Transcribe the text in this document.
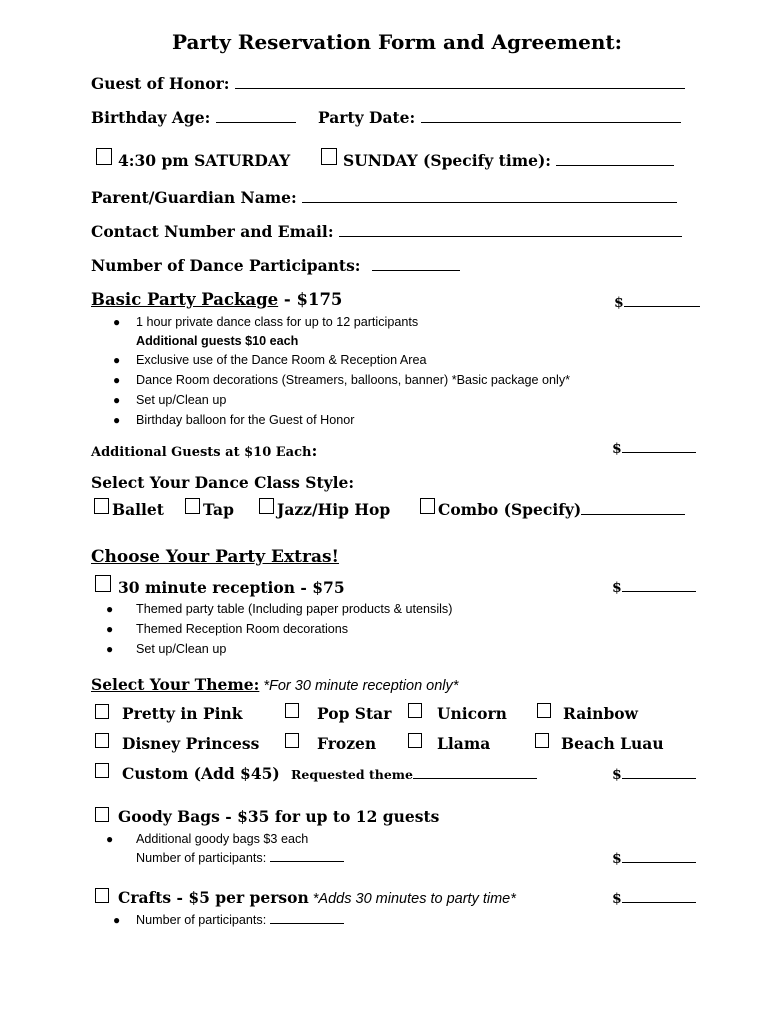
Party Reservation Form and Agreement:
Guest of Honor:
Birthday Age:	Party Date:
4:30 pm SATURDAY	SUNDAY (Specify time):
Parent/Guardian Name:
Contact Number and Email:
Number of Dance Participants:
Basic Party Package - $175	$
● 1 hour private dance class for up to 12 participants
Additional guests $10 each
● Exclusive use of the Dance Room & Reception Area
● Dance Room decorations (Streamers, balloons, banner) *Basic package only*
● Set up/Clean up
● Birthday balloon for the Guest of Honor
Additional Guests at $10 Each:	$
Select Your Dance Class Style:
Ballet	Tap	Jazz/Hip Hop	Combo (Specify)
Choose Your Party Extras!
30 minute reception - $75	$
● Themed party table (Including paper products & utensils)
● Themed Reception Room decorations
● Set up/Clean up
Select Your Theme: *For 30 minute reception only*
Pretty in Pink	Pop Star	Unicorn	Rainbow
Disney Princess	Frozen	Llama	Beach Luau
Custom (Add $45) Requested theme	$
Goody Bags - $35 for up to 12 guests
● Additional goody bags $3 each
Number of participants:	$
Crafts - $5 per person *Adds 30 minutes to party time*	$
● Number of participants:
